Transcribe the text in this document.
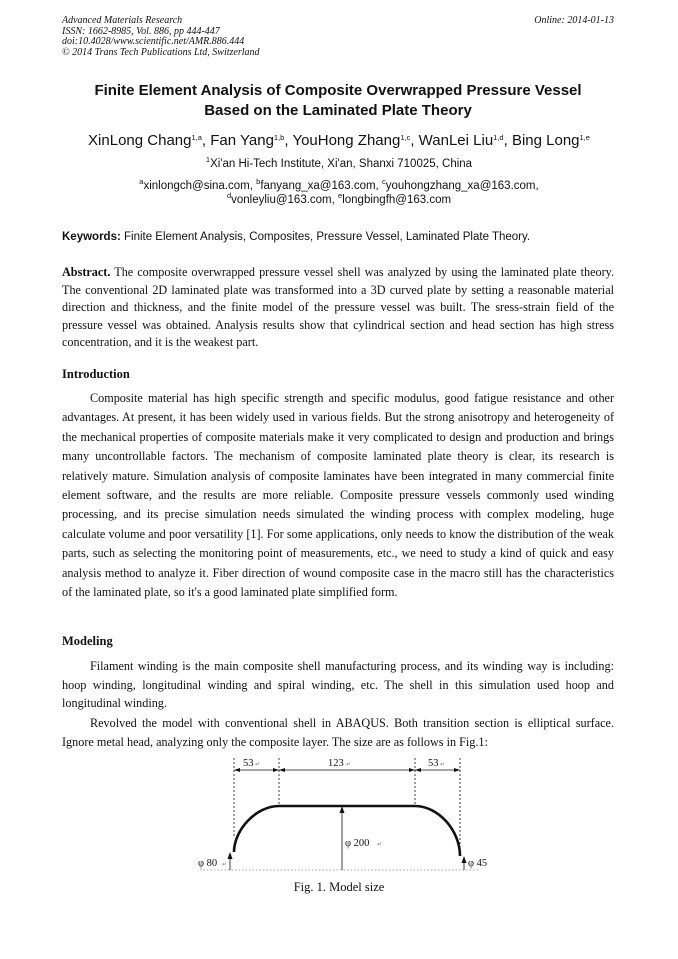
Advanced Materials Research
ISSN: 1662-8985, Vol. 886, pp 444-447
doi:10.4028/www.scientific.net/AMR.886.444
© 2014 Trans Tech Publications Ltd, Switzerland
Online: 2014-01-13
Finite Element Analysis of Composite Overwrapped Pressure Vessel
Based on the Laminated Plate Theory
XinLong Chang$^{1,a}$, Fan Yang$^{1,b}$, YouHong Zhang$^{1,c}$, WanLei Liu$^{1,d}$, Bing Long$^{1,e}$
$^1$Xi'an Hi-Tech Institute, Xi'an, Shanxi 710025, China
$^a$xinlongch@sina.com, $^b$fanyang_xa@163.com, $^c$youhongzhang_xa@163.com,
$^d$vonleyliu@163.com, $^e$longbingfh@163.com
Keywords: Finite Element Analysis, Composites, Pressure Vessel, Laminated Plate Theory.

Abstract. The composite overwrapped pressure vessel shell was analyzed by using the laminated plate theory. The conventional 2D laminated plate was transformed into a 3D curved plate by setting a reasonable material direction and thickness, and the finite model of the pressure vessel was built. The sress-strain field of the pressure vessel was obtained. Analysis results show that cylindrical section and head section has high stress concentration, and it is the weakest part.

Introduction

Composite material has high specific strength and specific modulus, good fatigue resistance and other advantages. At present, it has been widely used in various fields. But the strong anisotropy and heterogeneity of the mechanical properties of composite materials make it very complicated to design and production and brings many uncontrollable factors. The mechanism of composite laminated plate theory is clear, its research is relatively mature. Simulation analysis of composite laminates have been integrated in many commercial finite element software, and the results are more reliable. Composite pressure vessels commonly used winding processing, and its precise simulation needs simulated the winding process with complex modeling, huge calculate volume and poor versatility [1]. For some applications, only needs to know the distribution of the weak parts, such as selecting the monitoring point of measurements, etc., we need to study a kind of quick and easy analysis method to analyze it. Fiber direction of wound composite case in the macro still has the characteristics of the laminated plate, so it's a good laminated plate simplified form.

Modeling

Filament winding is the main composite shell manufacturing process, and its winding way is including: hoop winding, longitudinal winding and spiral winding, etc. The shell in this simulation used hoop and longitudinal winding.

Revolved the model with conventional shell in ABAQUS. Both transition section is elliptical surface. Ignore metal head, analyzing only the composite layer. The size are as follows in Fig.1:

53 ↵	123 ↵	53 ↵
φ 200 ↵
φ 80 ↵	φ 45
Fig. 1. Model size
